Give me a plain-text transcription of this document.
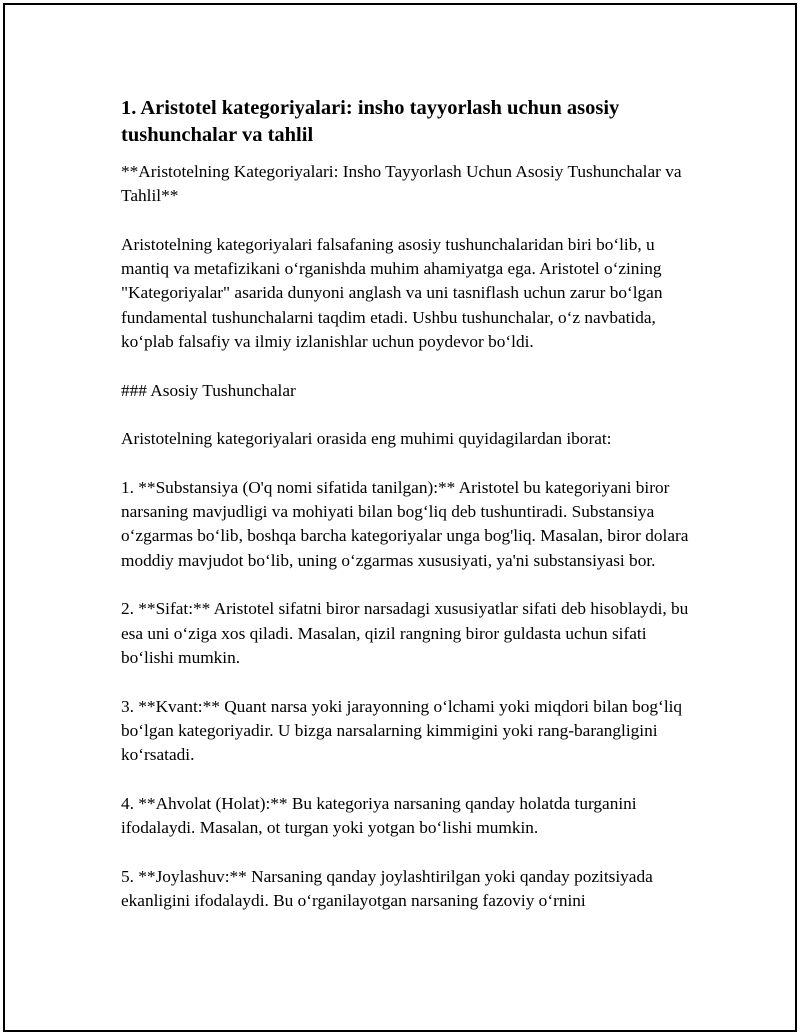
1. Aristotel kategoriyalari: insho tayyorlash uchun asosiy tushunchalar va tahlil

**Aristotelning Kategoriyalari: Insho Tayyorlash Uchun Asosiy Tushunchalar va Tahlil**

Aristotelning kategoriyalari falsafaning asosiy tushunchalaridan biri bo‘lib, u mantiq va metafizikani o‘rganishda muhim ahamiyatga ega. Aristotel o‘zining "Kategoriyalar" asarida dunyoni anglash va uni tasniflash uchun zarur bo‘lgan fundamental tushunchalarni taqdim etadi. Ushbu tushunchalar, o‘z navbatida, ko‘plab falsafiy va ilmiy izlanishlar uchun poydevor bo‘ldi.

### Asosiy Tushunchalar

Aristotelning kategoriyalari orasida eng muhimi quyidagilardan iborat:

1. **Substansiya (O'q nomi sifatida tanilgan):** Aristotel bu kategoriyani biror narsaning mavjudligi va mohiyati bilan bog‘liq deb tushuntiradi. Substansiya o‘zgarmas bo‘lib, boshqa barcha kategoriyalar unga bog'liq. Masalan, biror dolara moddiy mavjudot bo‘lib, uning o‘zgarmas xususiyati, ya'ni substansiyasi bor.

2. **Sifat:** Aristotel sifatni biror narsadagi xususiyatlar sifati deb hisoblaydi, bu esa uni o‘ziga xos qiladi. Masalan, qizil rangning biror guldasta uchun sifati bo‘lishi mumkin.

3. **Kvant:** Quant narsa yoki jarayonning o‘lchami yoki miqdori bilan bog‘liq bo‘lgan kategoriyadir. U bizga narsalarning kimmigini yoki rang-barangligini ko‘rsatadi.

4. **Ahvolat (Holat):** Bu kategoriya narsaning qanday holatda turganini ifodalaydi. Masalan, ot turgan yoki yotgan bo‘lishi mumkin.

5. **Joylashuv:** Narsaning qanday joylashtirilgan yoki qanday pozitsiyada ekanligini ifodalaydi. Bu o‘rganilayotgan narsaning fazoviy o‘rnini
